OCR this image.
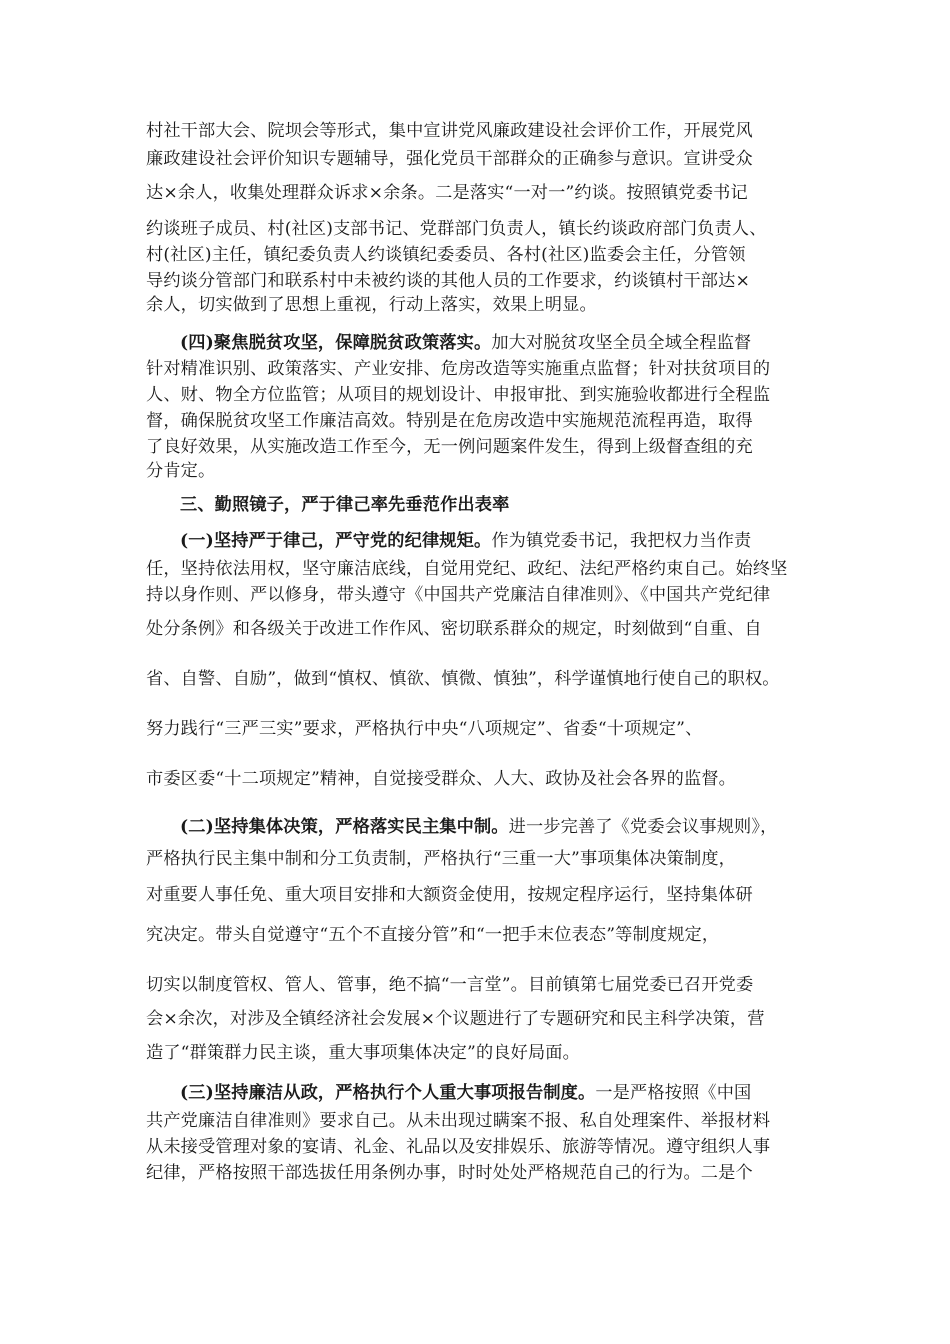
村社干部大会、院坝会等形式，集中宣讲党风廉政建设社会评价工作，开展党风
廉政建设社会评价知识专题辅导，强化党员干部群众的正确参与意识。宣讲受众
达×余人，收集处理群众诉求×余条。二是落实“一对一”约谈。按照镇党委书记
约谈班子成员、村(社区)支部书记、党群部门负责人，镇长约谈政府部门负责人、
村(社区)主任，镇纪委负责人约谈镇纪委委员、各村(社区)监委会主任，分管领
导约谈分管部门和联系村中未被约谈的其他人员的工作要求，约谈镇村干部达×
余人，切实做到了思想上重视，行动上落实，效果上明显。
(四)聚焦脱贫攻坚，保障脱贫政策落实。加大对脱贫攻坚全员全域全程监督
针对精准识别、政策落实、产业安排、危房改造等实施重点监督；针对扶贫项目的
人、财、物全方位监管；从项目的规划设计、申报审批、到实施验收都进行全程监
督，确保脱贫攻坚工作廉洁高效。特别是在危房改造中实施规范流程再造，取得
了良好效果，从实施改造工作至今，无一例问题案件发生，得到上级督查组的充
分肯定。
三、勤照镜子，严于律己率先垂范作出表率
(一)坚持严于律己，严守党的纪律规矩。作为镇党委书记，我把权力当作责
任，坚持依法用权，坚守廉洁底线，自觉用党纪、政纪、法纪严格约束自己。始终坚
持以身作则、严以修身，带头遵守《中国共产党廉洁自律准则》、《中国共产党纪律
处分条例》和各级关于改进工作作风、密切联系群众的规定，时刻做到“自重、自
省、自警、自励”，做到“慎权、慎欲、慎微、慎独”，科学谨慎地行使自己的职权。
努力践行“三严三实”要求，严格执行中央“八项规定”、省委“十项规定”、
市委区委“十二项规定”精神，自觉接受群众、人大、政协及社会各界的监督。
(二)坚持集体决策，严格落实民主集中制。进一步完善了《党委会议事规则》，
严格执行民主集中制和分工负责制，严格执行“三重一大”事项集体决策制度，
对重要人事任免、重大项目安排和大额资金使用，按规定程序运行，坚持集体研
究决定。带头自觉遵守“五个不直接分管”和“一把手末位表态”等制度规定，
切实以制度管权、管人、管事，绝不搞“一言堂”。目前镇第七届党委已召开党委
会×余次，对涉及全镇经济社会发展×个议题进行了专题研究和民主科学决策，营
造了“群策群力民主谈，重大事项集体决定”的良好局面。
(三)坚持廉洁从政，严格执行个人重大事项报告制度。一是严格按照《中国
共产党廉洁自律准则》要求自己。从未出现过瞒案不报、私自处理案件、举报材料
从未接受管理对象的宴请、礼金、礼品以及安排娱乐、旅游等情况。遵守组织人事
纪律，严格按照干部选拔任用条例办事，时时处处严格规范自己的行为。二是个
